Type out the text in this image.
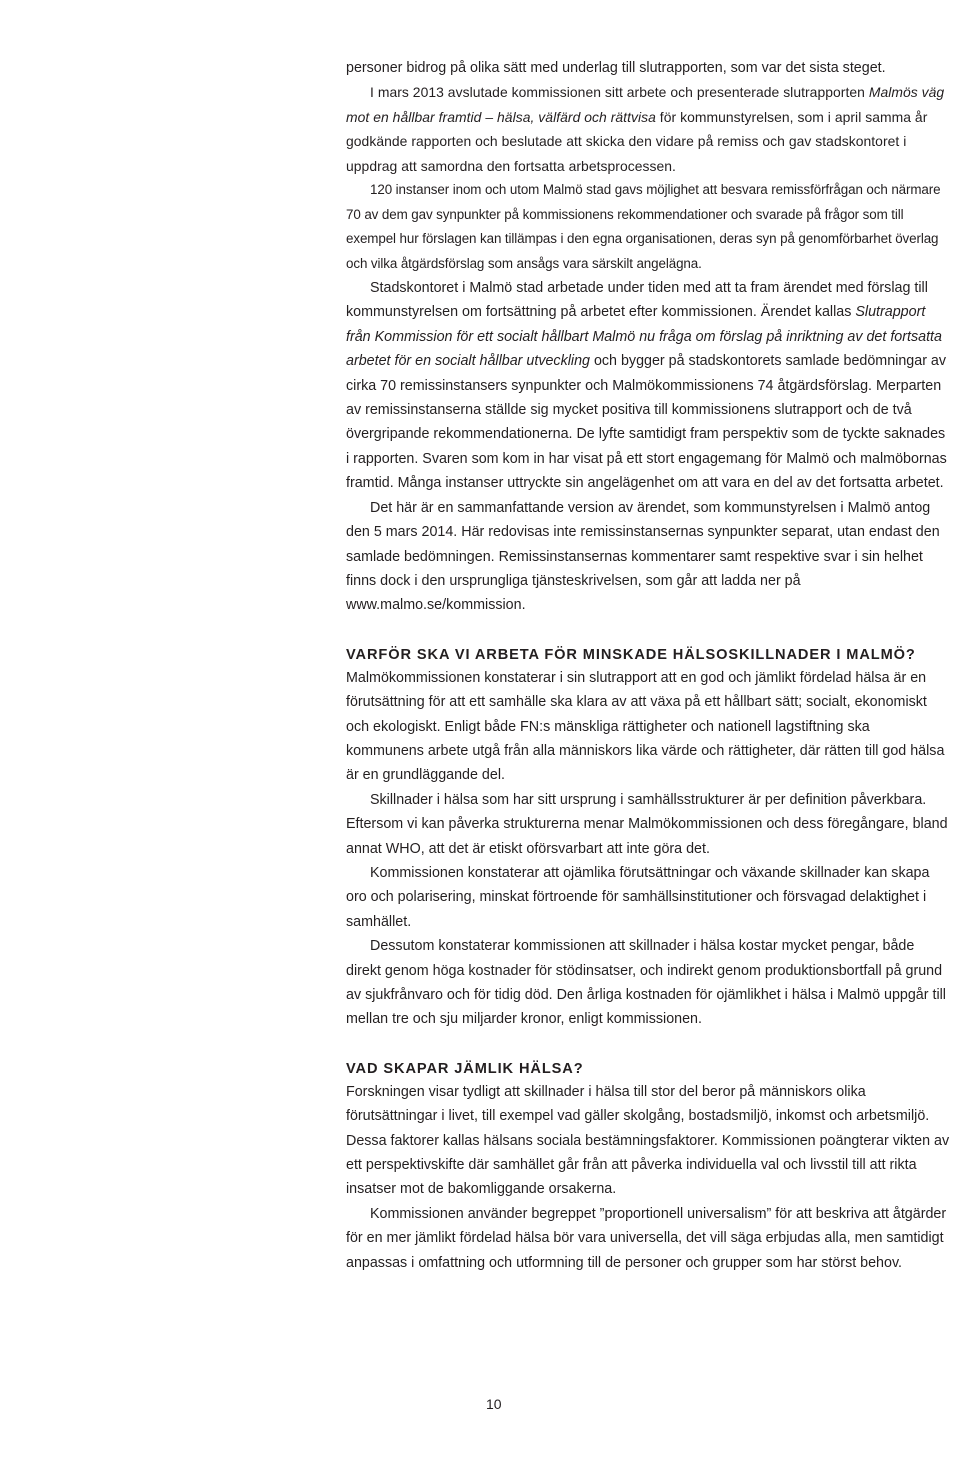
personer bidrog på olika sätt med underlag till slutrapporten, som var det sista steget.

I mars 2013 avslutade kommissionen sitt arbete och presenterade slutrapporten Malmös väg mot en hållbar framtid – hälsa, välfärd och rättvisa för kommunstyrelsen, som i april samma år godkände rapporten och beslutade att skicka den vidare på remiss och gav stadskontoret i uppdrag att samordna den fortsatta arbetsprocessen.

120 instanser inom och utom Malmö stad gavs möjlighet att besvara remissförfrågan och närmare 70 av dem gav synpunkter på kommissionens rekommendationer och svarade på frågor som till exempel hur förslagen kan tillämpas i den egna organisationen, deras syn på genomförbarhet överlag och vilka åtgärdsförslag som ansågs vara särskilt angelägna.

Stadskontoret i Malmö stad arbetade under tiden med att ta fram ärendet med förslag till kommunstyrelsen om fortsättning på arbetet efter kommissionen. Ärendet kallas Slutrapport från Kommission för ett socialt hållbart Malmö nu fråga om förslag på inriktning av det fortsatta arbetet för en socialt hållbar utveckling och bygger på stadskontorets samlade bedömningar av cirka 70 remissinstansers synpunkter och Malmökommissionens 74 åtgärdsförslag. Merparten av remissinstanserna ställde sig mycket positiva till kommissionens slutrapport och de två övergripande rekommendationerna. De lyfte samtidigt fram perspektiv som de tyckte saknades i rapporten. Svaren som kom in har visat på ett stort engagemang för Malmö och malmöbornas framtid. Många instanser uttryckte sin angelägenhet om att vara en del av det fortsatta arbetet.

Det här är en sammanfattande version av ärendet, som kommunstyrelsen i Malmö antog den 5 mars 2014. Här redovisas inte remissinstansernas synpunkter separat, utan endast den samlade bedömningen. Remissinstansernas kommentarer samt respektive svar i sin helhet finns dock i den ursprungliga tjänsteskrivelsen, som går att ladda ner på www.malmo.se/kommission.

VARFÖR SKA VI ARBETA FÖR MINSKADE HÄLSOSKILLNADER I MALMÖ?

Malmökommissionen konstaterar i sin slutrapport att en god och jämlikt fördelad hälsa är en förutsättning för att ett samhälle ska klara av att växa på ett hållbart sätt; socialt, ekonomiskt och ekologiskt. Enligt både FN:s mänskliga rättigheter och nationell lagstiftning ska kommunens arbete utgå från alla människors lika värde och rättigheter, där rätten till god hälsa är en grundläggande del.

Skillnader i hälsa som har sitt ursprung i samhällsstrukturer är per definition påverkbara. Eftersom vi kan påverka strukturerna menar Malmökommissionen och dess föregångare, bland annat WHO, att det är etiskt oförsvarbart att inte göra det.

Kommissionen konstaterar att ojämlika förutsättningar och växande skillnader kan skapa oro och polarisering, minskat förtroende för samhällsinstitutioner och försvagad delaktighet i samhället.

Dessutom konstaterar kommissionen att skillnader i hälsa kostar mycket pengar, både direkt genom höga kostnader för stödinsatser, och indirekt genom produktionsbortfall på grund av sjukfrånvaro och för tidig död. Den årliga kostnaden för ojämlikhet i hälsa i Malmö uppgår till mellan tre och sju miljarder kronor, enligt kommissionen.

VAD SKAPAR JÄMLIK HÄLSA?

Forskningen visar tydligt att skillnader i hälsa till stor del beror på människors olika förutsättningar i livet, till exempel vad gäller skolgång, bostadsmiljö, inkomst och arbetsmiljö. Dessa faktorer kallas hälsans sociala bestämningsfaktorer. Kommissionen poängterar vikten av ett perspektivskifte där samhället går från att påverka individuella val och livsstil till att rikta insatser mot de bakomliggande orsakerna.

Kommissionen använder begreppet ”proportionell universalism” för att beskriva att åtgärder för en mer jämlikt fördelad hälsa bör vara universella, det vill säga erbjudas alla, men samtidigt anpassas i omfattning och utformning till de personer och grupper som har störst behov.

10
